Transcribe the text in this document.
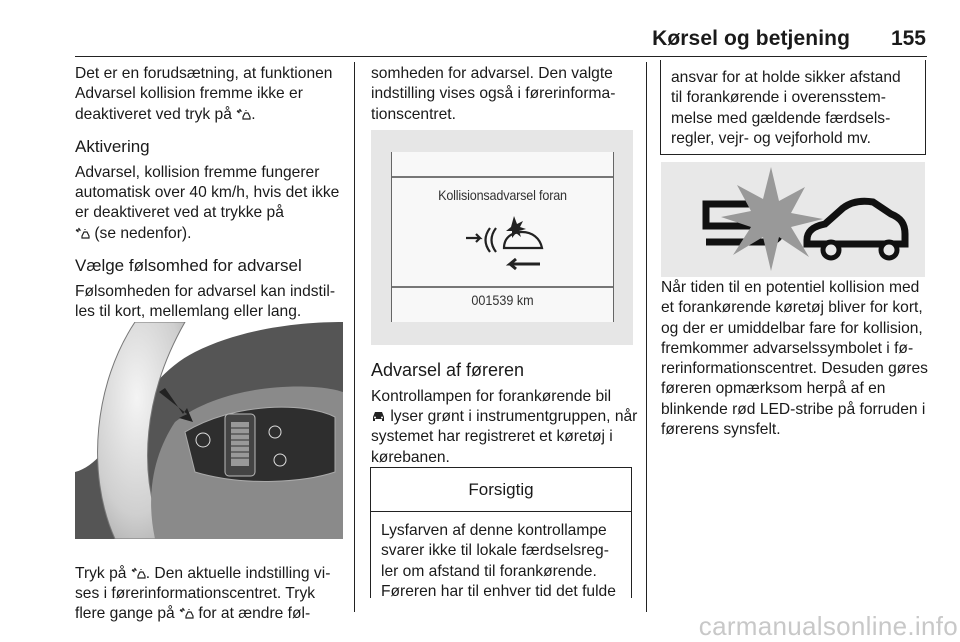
Kørsel og betjening	155

Det er en forudsætning, at funktionen Advarsel kollision fremme ikke er deaktiveret ved tryk på .

Aktivering

Advarsel, kollision fremme fungerer automatisk over 40 km/h, hvis det ikke er deaktiveret ved at trykke på
(se nedenfor).

Vælge følsomhed for advarsel

Følsomheden for advarsel kan indstilles til kort, mellemlang eller lang.

Tryk på . Den aktuelle indstilling vises i førerinformationscentret. Tryk flere gange på for at ændre føl-

somheden for advarsel. Den valgte indstilling vises også i førerinformationscentret.

Advarsel af føreren

Kontrollampen for forankørende bil
lyser grønt i instrumentgruppen, når systemet har registreret et køretøj i kørebanen.

Kollisionsadvarsel foran
001539 km
Forsigtig
Lysfarven af denne kontrollampe svarer ikke til lokale færdselsregler om afstand til forankørende. Føreren har til enhver tid det fulde
ansvar for at holde sikker afstand til forankørende i overensstemmelse med gældende færdselsregler, vejr- og vejforhold mv.

Når tiden til en potentiel kollision med et forankørende køretøj bliver for kort, og der er umiddelbar fare for kollision, fremkommer advarselssymbolet i førerinformationscentret. Desuden gøres føreren opmærksom herpå af en blinkende rød LED-stribe på forruden i førerens synsfelt.

carmanualsonline.info
